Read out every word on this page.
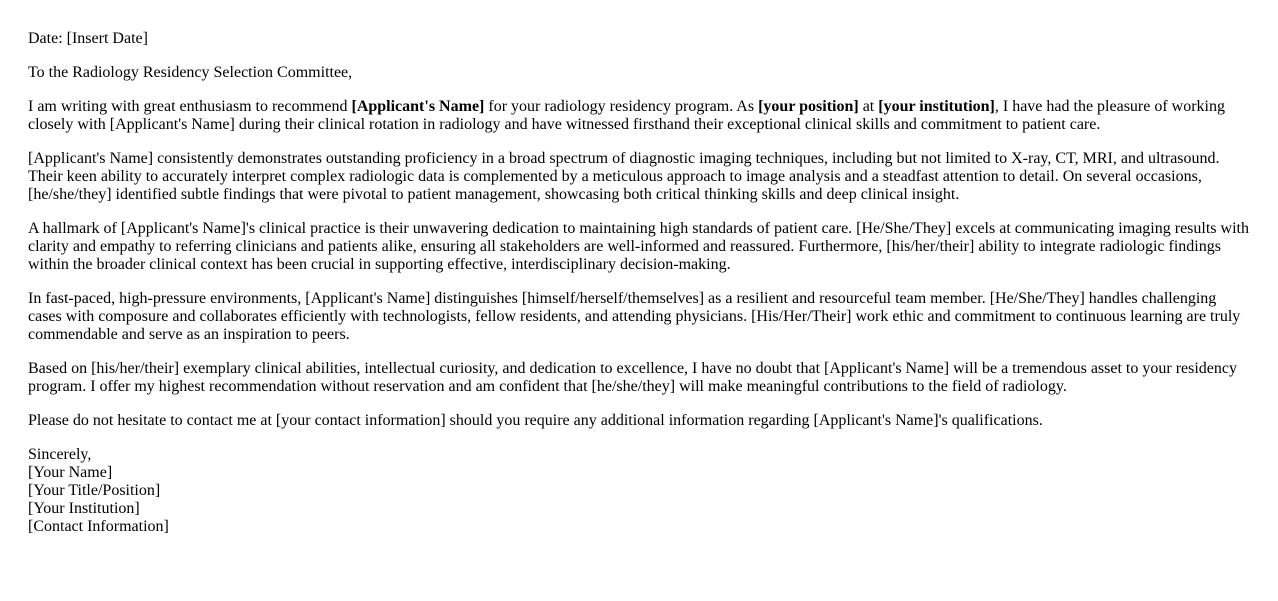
Date: [Insert Date]

To the Radiology Residency Selection Committee,

I am writing with great enthusiasm to recommend [Applicant's Name] for your radiology residency program. As [your position] at [your institution], I have had the pleasure of working closely with [Applicant's Name] during their clinical rotation in radiology and have witnessed firsthand their exceptional clinical skills and commitment to patient care.

[Applicant's Name] consistently demonstrates outstanding proficiency in a broad spectrum of diagnostic imaging techniques, including but not limited to X-ray, CT, MRI, and ultrasound. Their keen ability to accurately interpret complex radiologic data is complemented by a meticulous approach to image analysis and a steadfast attention to detail. On several occasions, [he/she/they] identified subtle findings that were pivotal to patient management, showcasing both critical thinking skills and deep clinical insight.

A hallmark of [Applicant's Name]'s clinical practice is their unwavering dedication to maintaining high standards of patient care. [He/She/They] excels at communicating imaging results with clarity and empathy to referring clinicians and patients alike, ensuring all stakeholders are well-informed and reassured. Furthermore, [his/her/their] ability to integrate radiologic findings within the broader clinical context has been crucial in supporting effective, interdisciplinary decision-making.

In fast-paced, high-pressure environments, [Applicant's Name] distinguishes [himself/herself/themselves] as a resilient and resourceful team member. [He/She/They] handles challenging cases with composure and collaborates efficiently with technologists, fellow residents, and attending physicians. [His/Her/Their] work ethic and commitment to continuous learning are truly commendable and serve as an inspiration to peers.

Based on [his/her/their] exemplary clinical abilities, intellectual curiosity, and dedication to excellence, I have no doubt that [Applicant's Name] will be a tremendous asset to your residency program. I offer my highest recommendation without reservation and am confident that [he/she/they] will make meaningful contributions to the field of radiology.

Please do not hesitate to contact me at [your contact information] should you require any additional information regarding [Applicant's Name]'s qualifications.

Sincerely,
[Your Name]
[Your Title/Position]
[Your Institution]
[Contact Information]
